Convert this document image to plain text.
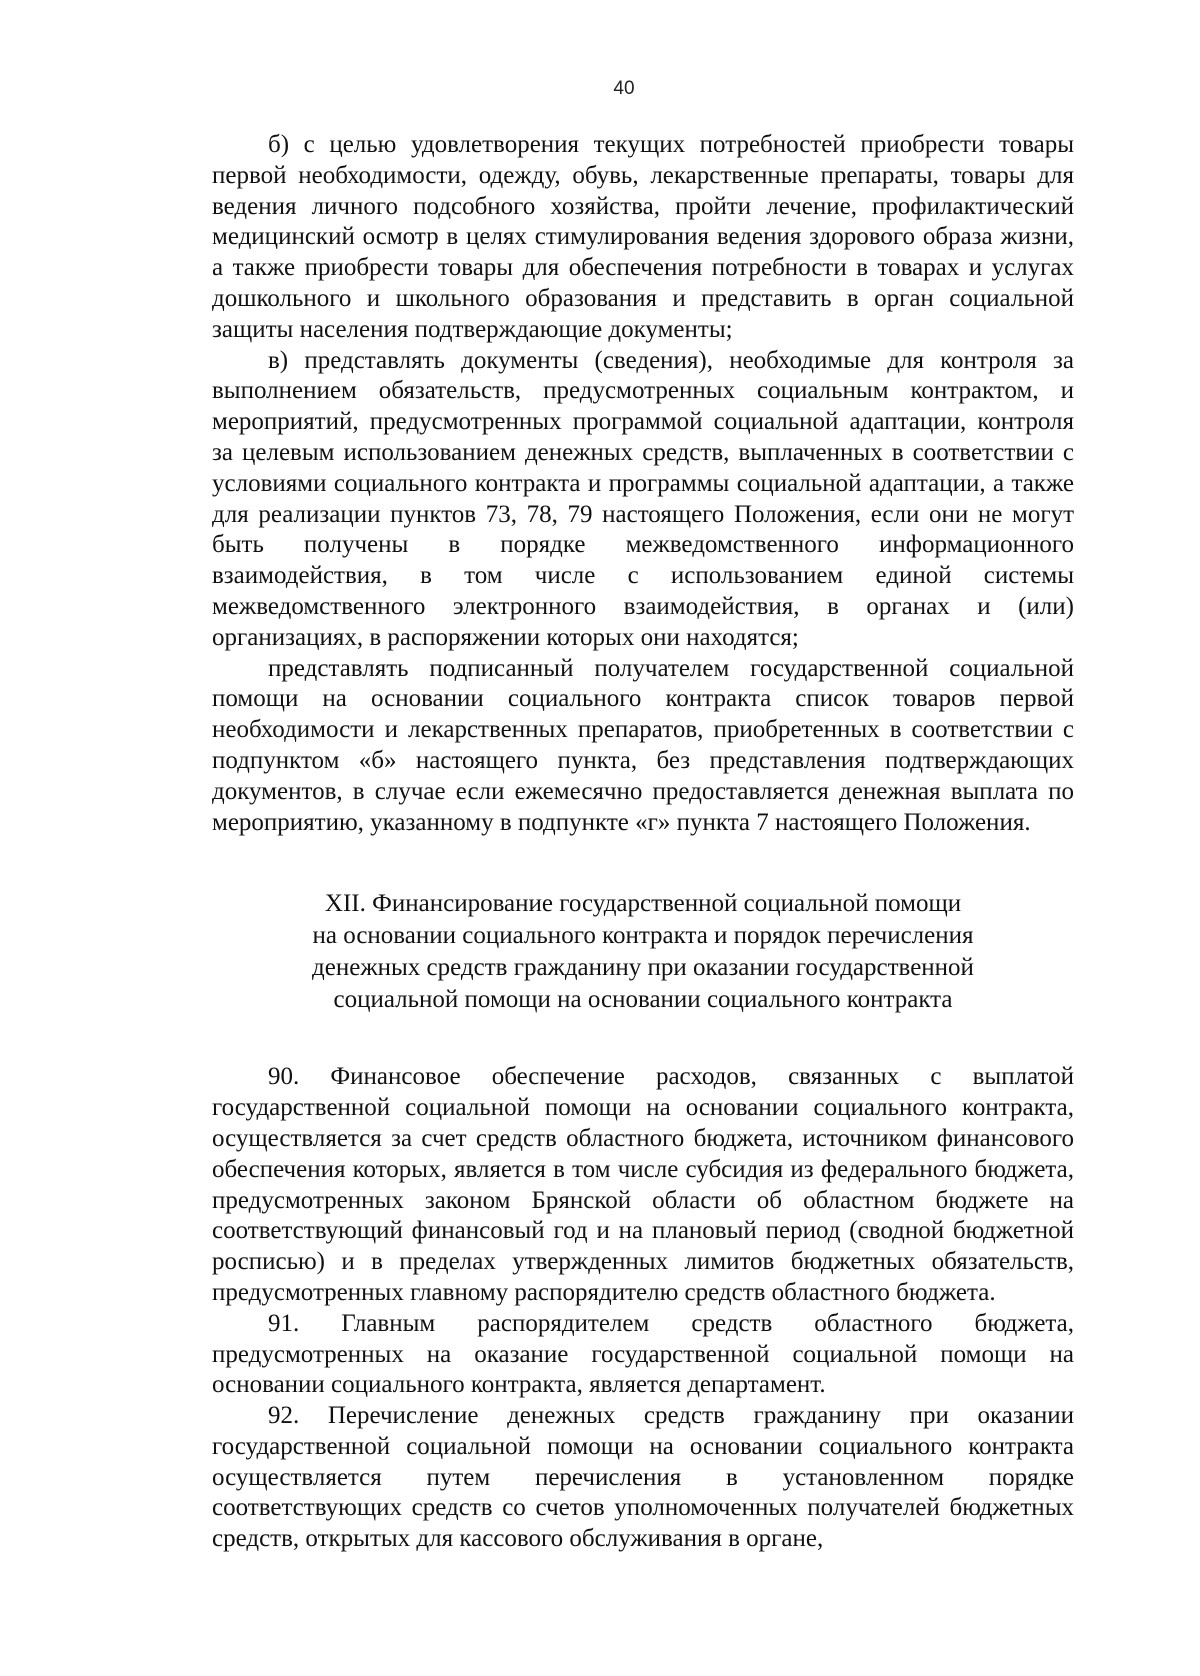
40

б) с целью удовлетворения текущих потребностей приобрести товары первой необходимости, одежду, обувь, лекарственные препараты, товары для ведения личного подсобного хозяйства, пройти лечение, профилактический медицинский осмотр в целях стимулирования ведения здорового образа жизни, а также приобрести товары для обеспечения потребности в товарах и услугах дошкольного и школьного образования и представить в орган социальной защиты населения подтверждающие документы;

в) представлять документы (сведения), необходимые для контроля за выполнением обязательств, предусмотренных социальным контрактом, и мероприятий, предусмотренных программой социальной адаптации, контроля за целевым использованием денежных средств, выплаченных в соответствии с условиями социального контракта и программы социальной адаптации, а также для реализации пунктов 73, 78, 79 настоящего Положения, если они не могут быть получены в порядке межведомственного информационного взаимодействия, в том числе с использованием единой системы межведомственного электронного взаимодействия, в органах и (или) организациях, в распоряжении которых они находятся;

представлять подписанный получателем государственной социальной помощи на основании социального контракта список товаров первой необходимости и лекарственных препаратов, приобретенных в соответствии с подпунктом «б» настоящего пункта, без представления подтверждающих документов, в случае если ежемесячно предоставляется денежная выплата по мероприятию, указанному в подпункте «г» пункта 7 настоящего Положения.

XII. Финансирование государственной социальной помощи
на основании социального контракта и порядок перечисления
денежных средств гражданину при оказании государственной
социальной помощи на основании социального контракта

90. Финансовое обеспечение расходов, связанных с выплатой государственной социальной помощи на основании социального контракта, осуществляется за счет средств областного бюджета, источником финансового обеспечения которых, является в том числе субсидия из федерального бюджета, предусмотренных законом Брянской области об областном бюджете на соответствующий финансовый год и на плановый период (сводной бюджетной росписью) и в пределах утвержденных лимитов бюджетных обязательств, предусмотренных главному распорядителю средств областного бюджета.

91. Главным распорядителем средств областного бюджета, предусмотренных на оказание государственной социальной помощи на основании социального контракта, является департамент.

92. Перечисление денежных средств гражданину при оказании государственной социальной помощи на основании социального контракта осуществляется путем перечисления в установленном порядке соответствующих средств со счетов уполномоченных получателей бюджетных средств, открытых для кассового обслуживания в органе,
